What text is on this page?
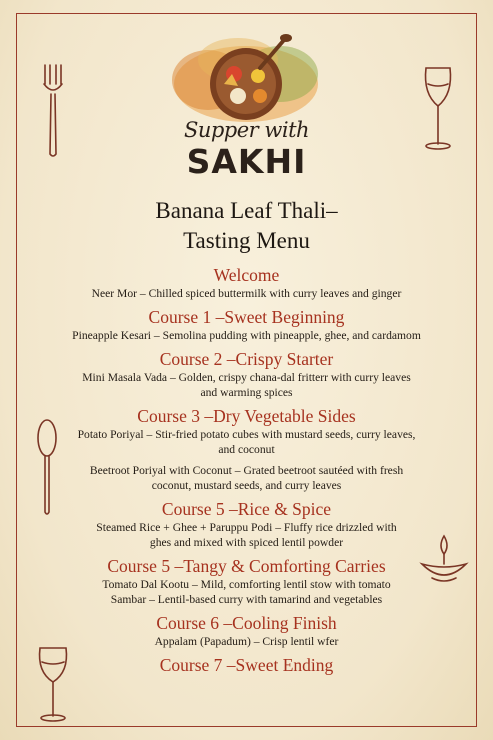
Supper with
SAKHI
Banana Leaf Thali–
Tasting Menu

Welcome

Neer Mor – Chilled spiced buttermilk with curry leaves and ginger

Course 1 –Sweet Beginning

Pineapple Kesari – Semolina pudding with pineapple, ghee, and cardamom

Course 2 –Crispy Starter

Mini Masala Vada – Golden, crispy chana-dal fritterr with curry leaves

and warming spices

Course 3 –Dry Vegetable Sides

Potato Poriyal – Stir-fried potato cubes with mustard seeds, curry leaves,

and coconut

Beetroot Poriyal with Coconut – Grated beetroot sautéed with fresh

coconut, mustard seeds, and curry leaves

Course 5 –Rice & Spice

Steamed Rice + Ghee + Paruppu Podi – Fluffy rice drizzled with

ghes and mixed with spiced lentil powder

Course 5 –Tangy & Comforting Carries

Tomato Dal Kootu – Mild, comforting lentil stow with tomato

Sambar – Lentil-based curry with tamarind and vegetables

Course 6 –Cooling Finish

Appalam (Papadum) – Crisp lentil wfer

Course 7 –Sweet Ending
